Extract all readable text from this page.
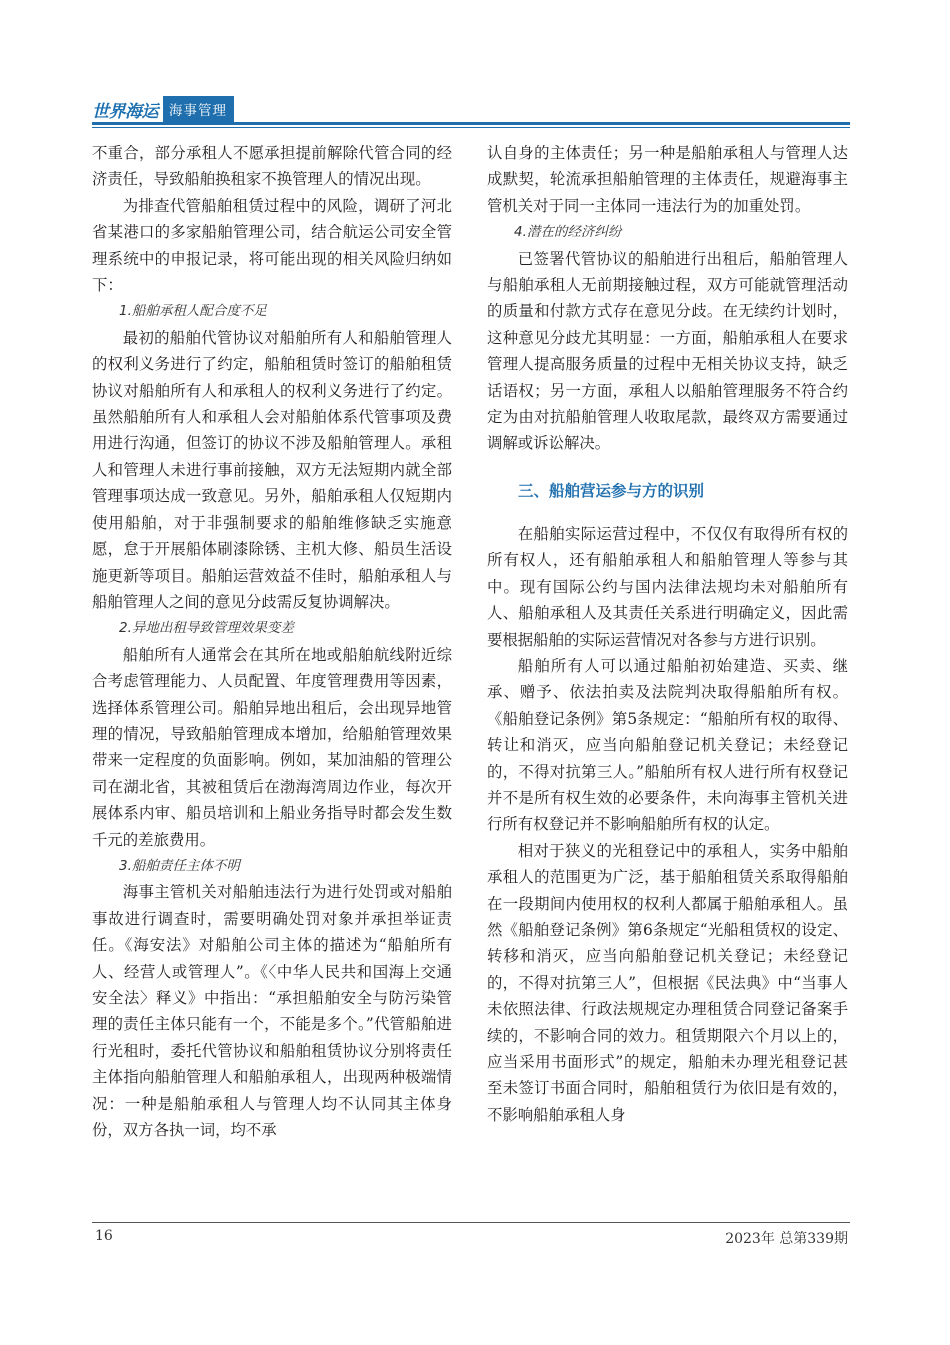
世界海运 海事管理

不重合，部分承租人不愿承担提前解除代管合同的经济责任，导致船舶换租家不换管理人的情况出现。

为排查代管船舶租赁过程中的风险，调研了河北省某港口的多家船舶管理公司，结合航运公司安全管理系统中的申报记录，将可能出现的相关风险归纳如下：

1.船舶承租人配合度不足

最初的船舶代管协议对船舶所有人和船舶管理人的权利义务进行了约定，船舶租赁时签订的船舶租赁协议对船舶所有人和承租人的权利义务进行了约定。虽然船舶所有人和承租人会对船舶体系代管事项及费用进行沟通，但签订的协议不涉及船舶管理人。承租人和管理人未进行事前接触，双方无法短期内就全部管理事项达成一致意见。另外，船舶承租人仅短期内使用船舶，对于非强制要求的船舶维修缺乏实施意愿，怠于开展船体刷漆除锈、主机大修、船员生活设施更新等项目。船舶运营效益不佳时，船舶承租人与船舶管理人之间的意见分歧需反复协调解决。

2.异地出租导致管理效果变差

船舶所有人通常会在其所在地或船舶航线附近综合考虑管理能力、人员配置、年度管理费用等因素，选择体系管理公司。船舶异地出租后，会出现异地管理的情况，导致船舶管理成本增加，给船舶管理效果带来一定程度的负面影响。例如，某加油船的管理公司在湖北省，其被租赁后在渤海湾周边作业，每次开展体系内审、船员培训和上船业务指导时都会发生数千元的差旅费用。

3.船舶责任主体不明

海事主管机关对船舶违法行为进行处罚或对船舶事故进行调查时，需要明确处罚对象并承担举证责任。《海安法》对船舶公司主体的描述为“船舶所有人、经营人或管理人”。《〈中华人民共和国海上交通安全法〉释义》中指出：“承担船舶安全与防污染管理的责任主体只能有一个，不能是多个。”代管船舶进行光租时，委托代管协议和船舶租赁协议分别将责任主体指向船舶管理人和船舶承租人，出现两种极端情况：一种是船舶承租人与管理人均不认同其主体身份，双方各执一词，均不承

认自身的主体责任；另一种是船舶承租人与管理人达成默契，轮流承担船舶管理的主体责任，规避海事主管机关对于同一主体同一违法行为的加重处罚。

4.潜在的经济纠纷

已签署代管协议的船舶进行出租后，船舶管理人与船舶承租人无前期接触过程，双方可能就管理活动的质量和付款方式存在意见分歧。在无续约计划时，这种意见分歧尤其明显：一方面，船舶承租人在要求管理人提高服务质量的过程中无相关协议支持，缺乏话语权；另一方面，承租人以船舶管理服务不符合约定为由对抗船舶管理人收取尾款，最终双方需要通过调解或诉讼解决。

三、船舶营运参与方的识别

在船舶实际运营过程中，不仅仅有取得所有权的所有权人，还有船舶承租人和船舶管理人等参与其中。现有国际公约与国内法律法规均未对船舶所有人、船舶承租人及其责任关系进行明确定义，因此需要根据船舶的实际运营情况对各参与方进行识别。

船舶所有人可以通过船舶初始建造、买卖、继承、赠予、依法拍卖及法院判决取得船舶所有权。《船舶登记条例》第5条规定：“船舶所有权的取得、转让和消灭，应当向船舶登记机关登记；未经登记的，不得对抗第三人。”船舶所有权人进行所有权登记并不是所有权生效的必要条件，未向海事主管机关进行所有权登记并不影响船舶所有权的认定。

相对于狭义的光租登记中的承租人，实务中船舶承租人的范围更为广泛，基于船舶租赁关系取得船舶在一段期间内使用权的权利人都属于船舶承租人。虽然《船舶登记条例》第6条规定“光船租赁权的设定、转移和消灭，应当向船舶登记机关登记；未经登记的，不得对抗第三人”，但根据《民法典》中“当事人未依照法律、行政法规规定办理租赁合同登记备案手续的，不影响合同的效力。租赁期限六个月以上的，应当采用书面形式”的规定，船舶未办理光租登记甚至未签订书面合同时，船舶租赁行为依旧是有效的，不影响船舶承租人身

16	2023年 总第339期
